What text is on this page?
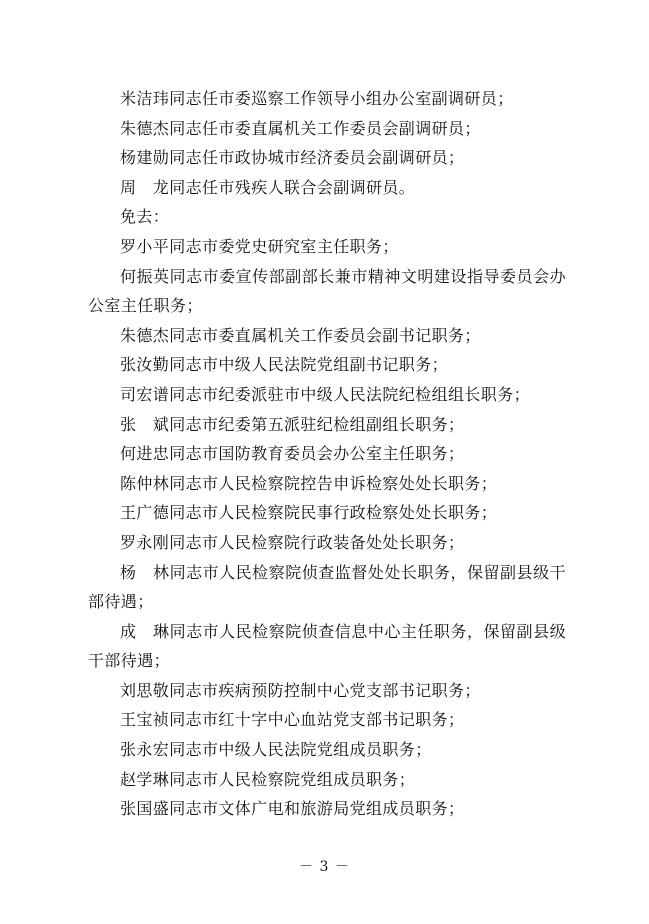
米洁玮同志任市委巡察工作领导小组办公室副调研员；

朱德杰同志任市委直属机关工作委员会副调研员；

杨建勋同志任市政协城市经济委员会副调研员；

周　龙同志任市残疾人联合会副调研员。

免去：

罗小平同志市委党史研究室主任职务；

何振英同志市委宣传部副部长兼市精神文明建设指导委员会办公室主任职务；

朱德杰同志市委直属机关工作委员会副书记职务；

张汝勤同志市中级人民法院党组副书记职务；

司宏谱同志市纪委派驻市中级人民法院纪检组组长职务；

张　斌同志市纪委第五派驻纪检组副组长职务；

何进忠同志市国防教育委员会办公室主任职务；

陈仲林同志市人民检察院控告申诉检察处处长职务；

王广德同志市人民检察院民事行政检察处处长职务；

罗永刚同志市人民检察院行政装备处处长职务；

杨　林同志市人民检察院侦查监督处处长职务，保留副县级干部待遇；

成　琳同志市人民检察院侦查信息中心主任职务，保留副县级干部待遇；

刘思敬同志市疾病预防控制中心党支部书记职务；

王宝祯同志市红十字中心血站党支部书记职务；

张永宏同志市中级人民法院党组成员职务；

赵学琳同志市人民检察院党组成员职务；

张国盛同志市文体广电和旅游局党组成员职务；

－ 3 －
